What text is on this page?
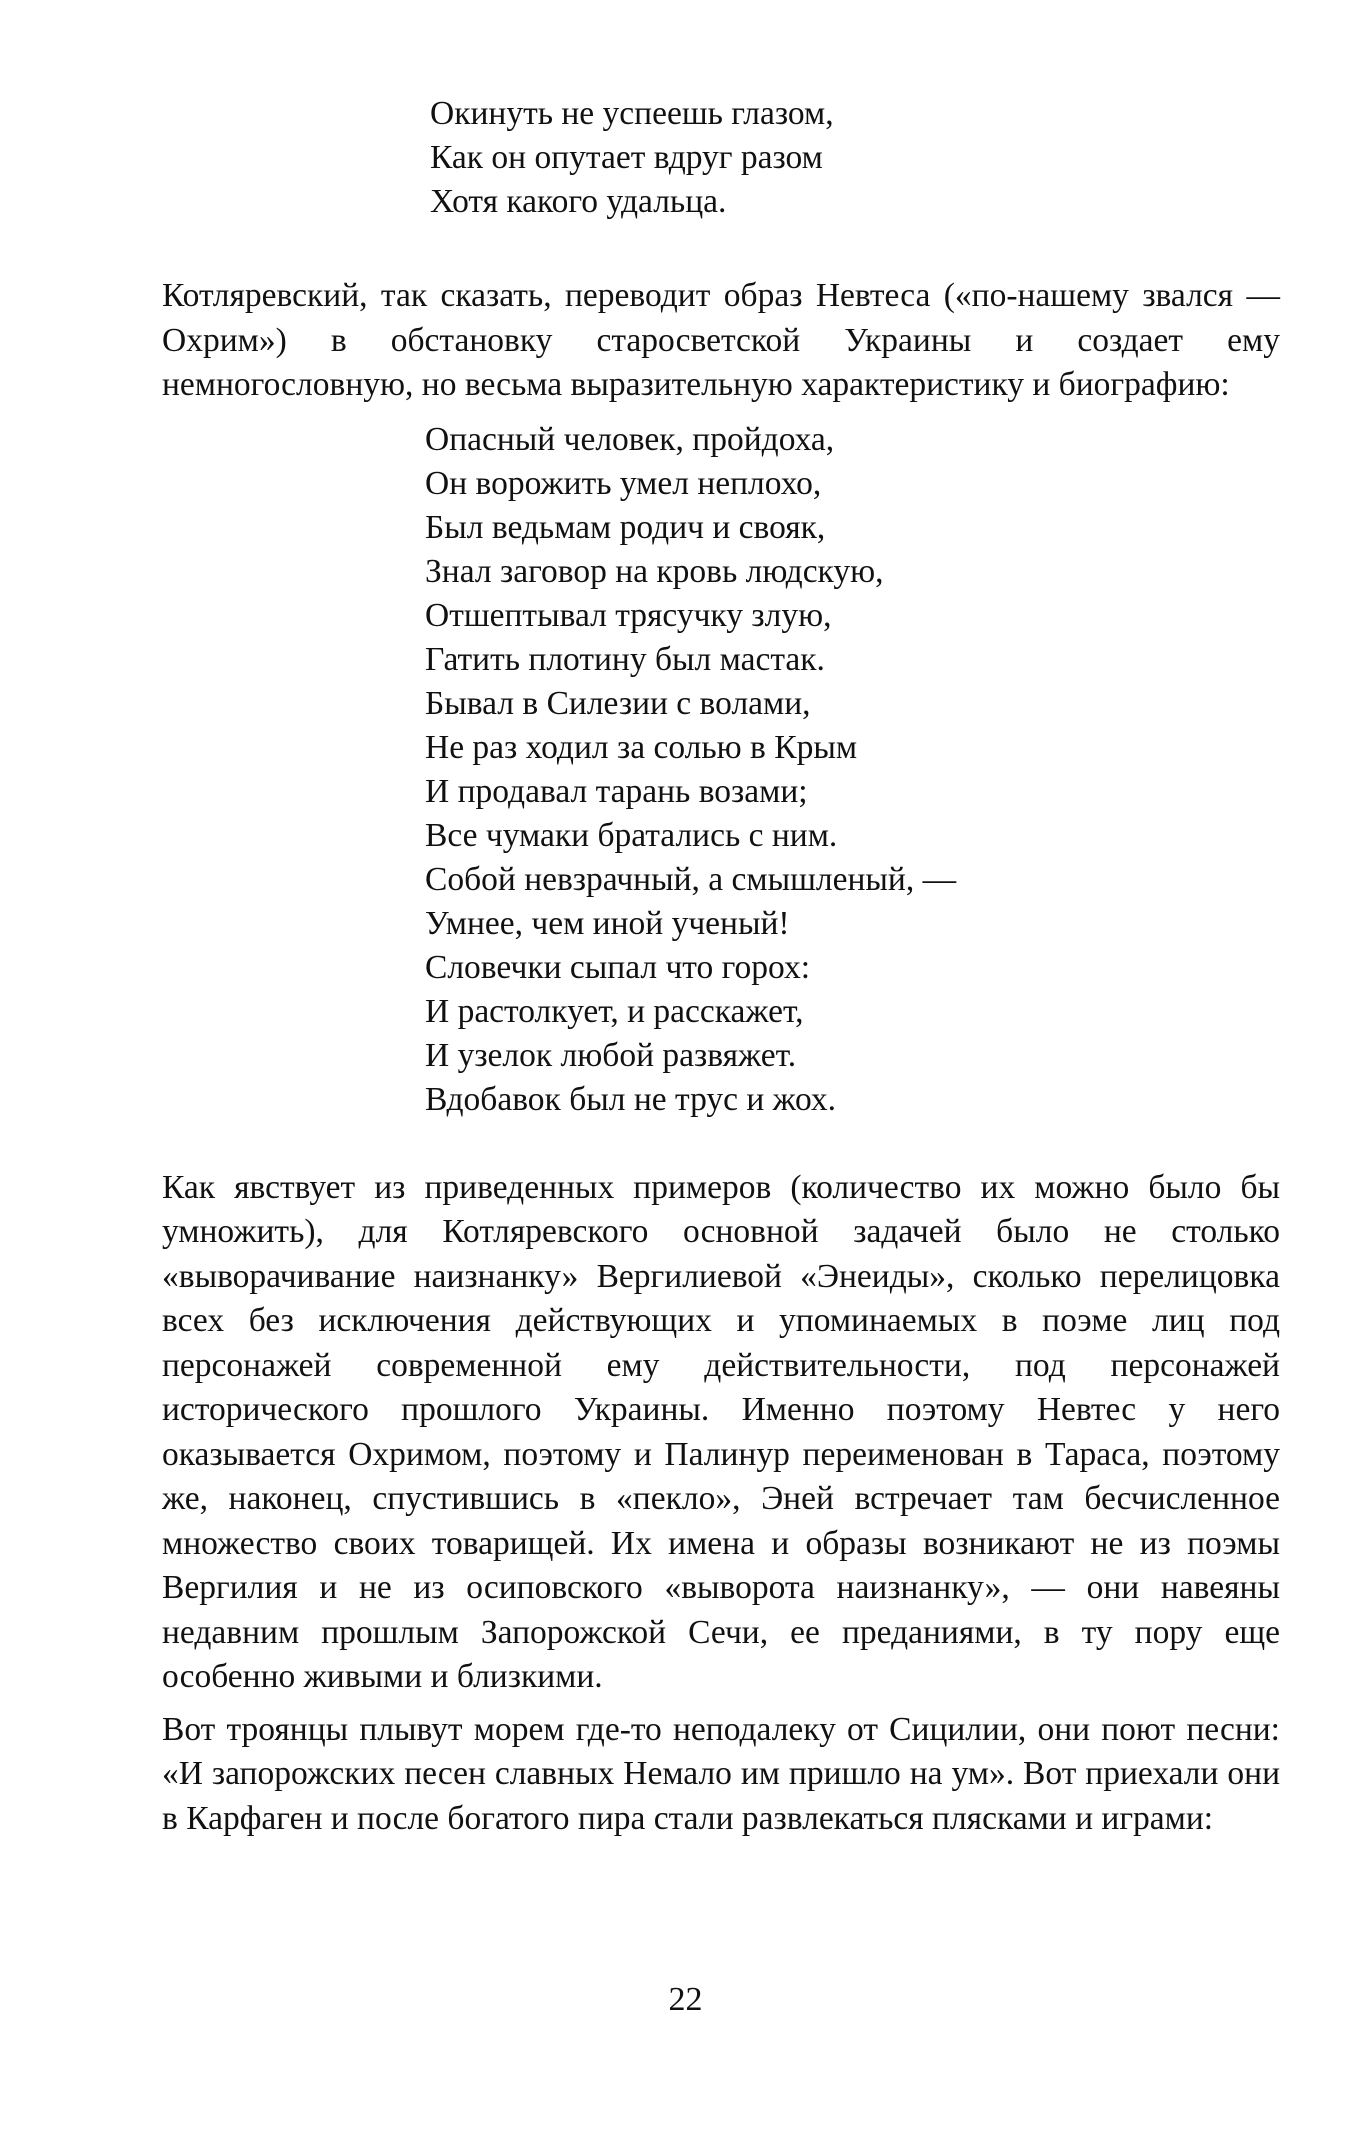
Окинуть не успеешь глазом,
Как он опутает вдруг разом
Хотя какого удальца.
Котляревский, так сказать, переводит образ Невтеса («по-нашему звался — Охрим») в обстановку старосветской Украины и создает ему немногословную, но весьма выразительную характеристику и биографию:
Опасный человек, пройдоха,
Он ворожить умел неплохо,
Был ведьмам родич и свояк,
Знал заговор на кровь людскую,
Отшептывал трясучку злую,
Гатить плотину был мастак.
Бывал в Силезии с волами,
Не раз ходил за солью в Крым
И продавал тарань возами;
Все чумаки братались с ним.
Собой невзрачный, а смышленый, —
Умнее, чем иной ученый!
Словечки сыпал что горох:
И растолкует, и расскажет,
И узелок любой развяжет.
Вдобавок был не трус и жох.
Как явствует из приведенных примеров (количество их можно было бы умножить), для Котляревского основной задачей было не столько «выворачивание наизнанку» Вергилиевой «Энеиды», сколько перелицовка всех без исключения действующих и упоминаемых в поэме лиц под персонажей современной ему действительности, под персонажей исторического прошлого Украины. Именно поэтому Невтес у него оказывается Охримом, поэтому и Палинур переименован в Тараса, поэтому же, наконец, спустившись в «пекло», Эней встречает там бесчисленное множество своих товарищей. Их имена и образы возникают не из поэмы Вергилия и не из осиповского «выворота наизнанку», — они навеяны недавним прошлым Запорожской Сечи, ее преданиями, в ту пору еще особенно живыми и близкими.
Вот троянцы плывут морем где-то неподалеку от Сицилии, они поют песни: «И запорожских песен славных Немало им пришло на ум». Вот приехали они в Карфаген и после богатого пира стали развлекаться плясками и играми:
22
